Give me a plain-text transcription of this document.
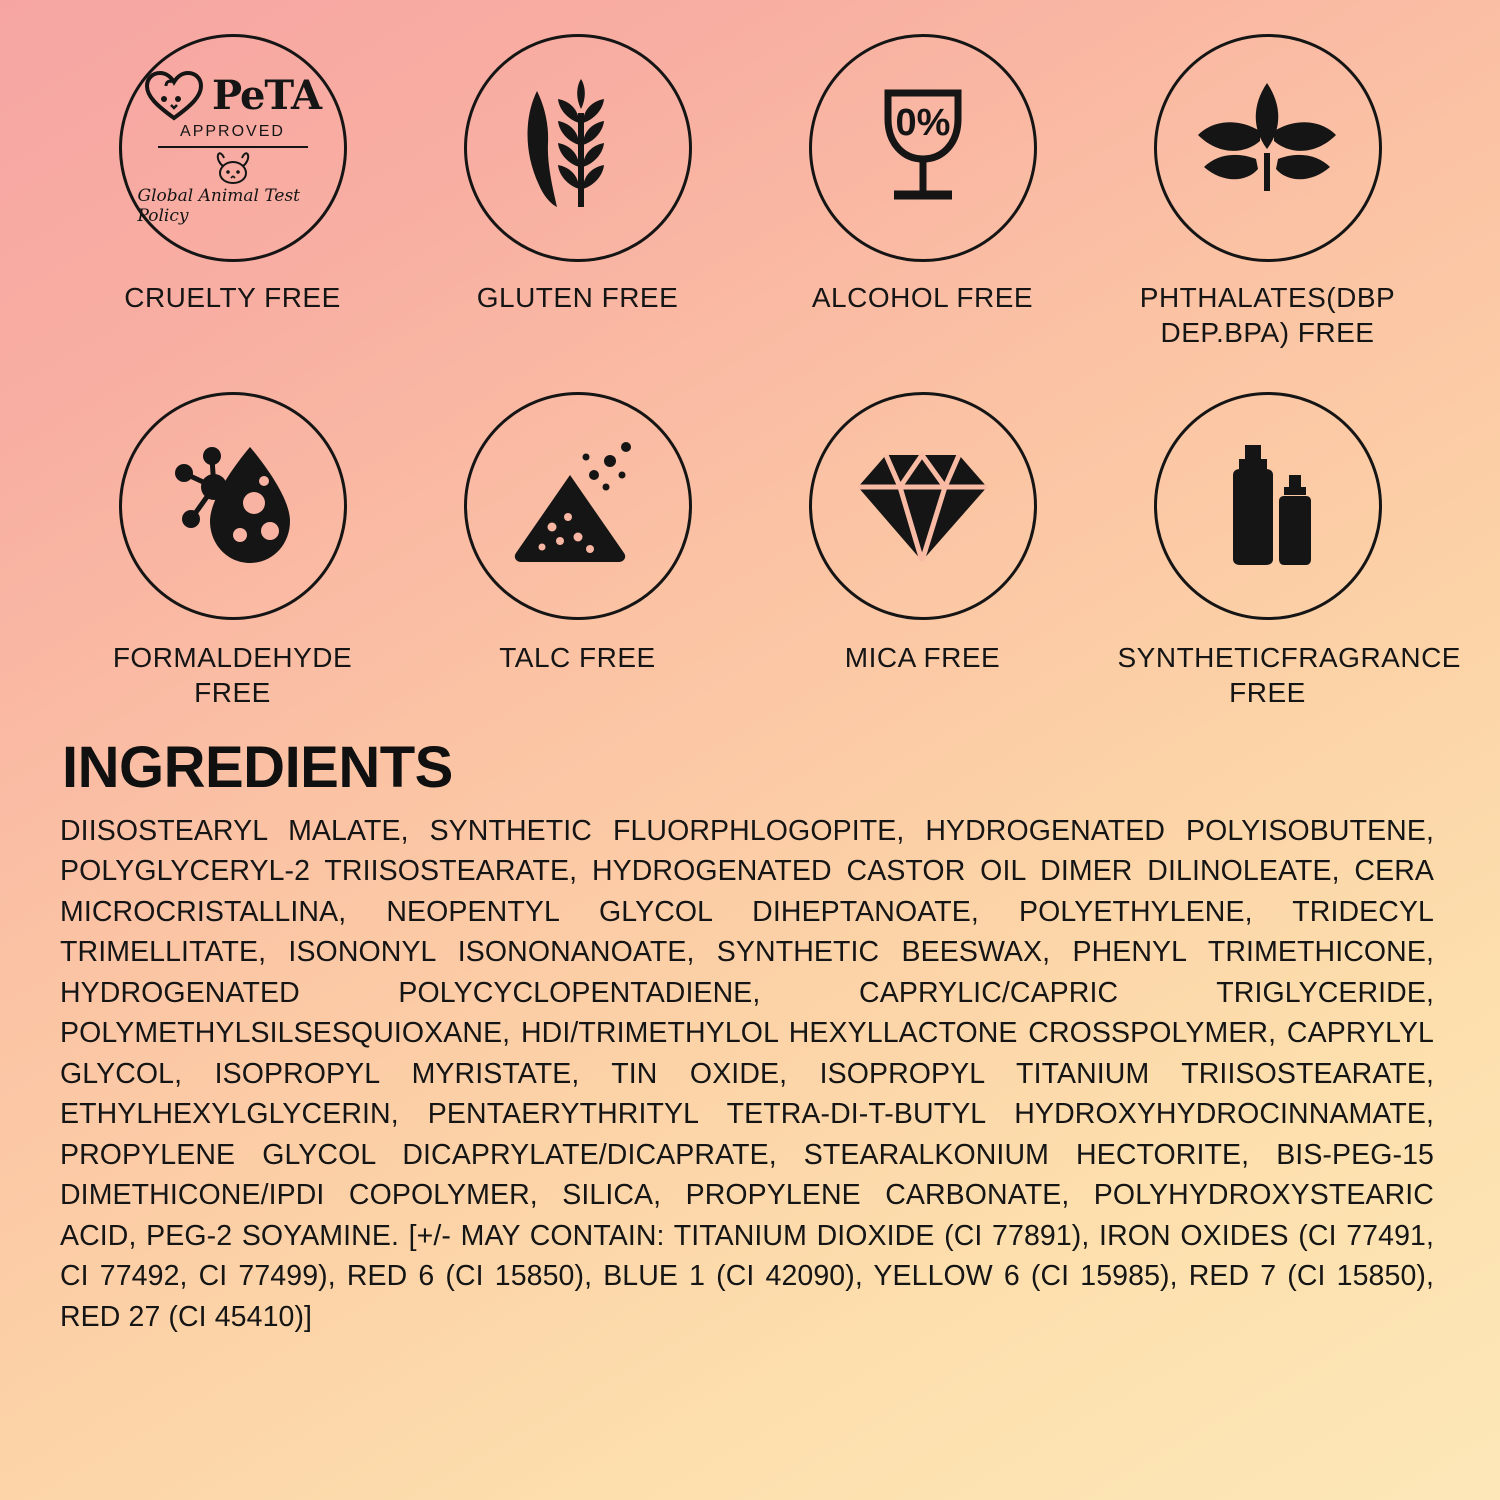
PeTA
APPROVED
Global Animal Test Policy
CRUELTY FREE	GLUTEN FREE
0%
ALCOHOL FREE	PHTHALATES(DBP DEP.BPA) FREE
FORMALDEHYDE FREE
TALC FREE	MICA FREE	SYNTHETICFRAGRANCE FREE
INGREDIENTS
DIISOSTEARYL MALATE, SYNTHETIC FLUORPHLOGOPITE, HYDROGENATED POLYISOBUTENE, POLYGLYCERYL-2 TRIISOSTEARATE, HYDROGENATED CASTOR OIL DIMER DILINOLEATE, CERA MICROCRISTALLINA, NEOPENTYL GLYCOL DIHEPTANOATE, POLYETHYLENE, TRIDECYL TRIMELLITATE, ISONONYL ISONONANOATE, SYNTHETIC BEESWAX, PHENYL TRIMETHICONE, HYDROGENATED POLYCYCLOPENTADIENE, CAPRYLIC/CAPRIC TRIGLYCERIDE, POLYMETHYLSILSESQUIOXANE, HDI/TRIMETHYLOL HEXYLLACTONE CROSSPOLYMER, CAPRYLYL GLYCOL, ISOPROPYL MYRISTATE, TIN OXIDE, ISOPROPYL TITANIUM TRIISOSTEARATE, ETHYLHEXYLGLYCERIN, PENTAERYTHRITYL TETRA-DI-T-BUTYL HYDROXYHYDROCINNAMATE, PROPYLENE GLYCOL DICAPRYLATE/DICAPRATE, STEARALKONIUM HECTORITE, BIS-PEG-15 DIMETHICONE/IPDI COPOLYMER, SILICA, PROPYLENE CARBONATE, POLYHYDROXYSTEARIC ACID, PEG-2 SOYAMINE. [+/- MAY CONTAIN: TITANIUM DIOXIDE (CI 77891), IRON OXIDES (CI 77491, CI 77492, CI 77499), RED 6 (CI 15850), BLUE 1 (CI 42090), YELLOW 6 (CI 15985), RED 7 (CI 15850), RED 27 (CI 45410)]
